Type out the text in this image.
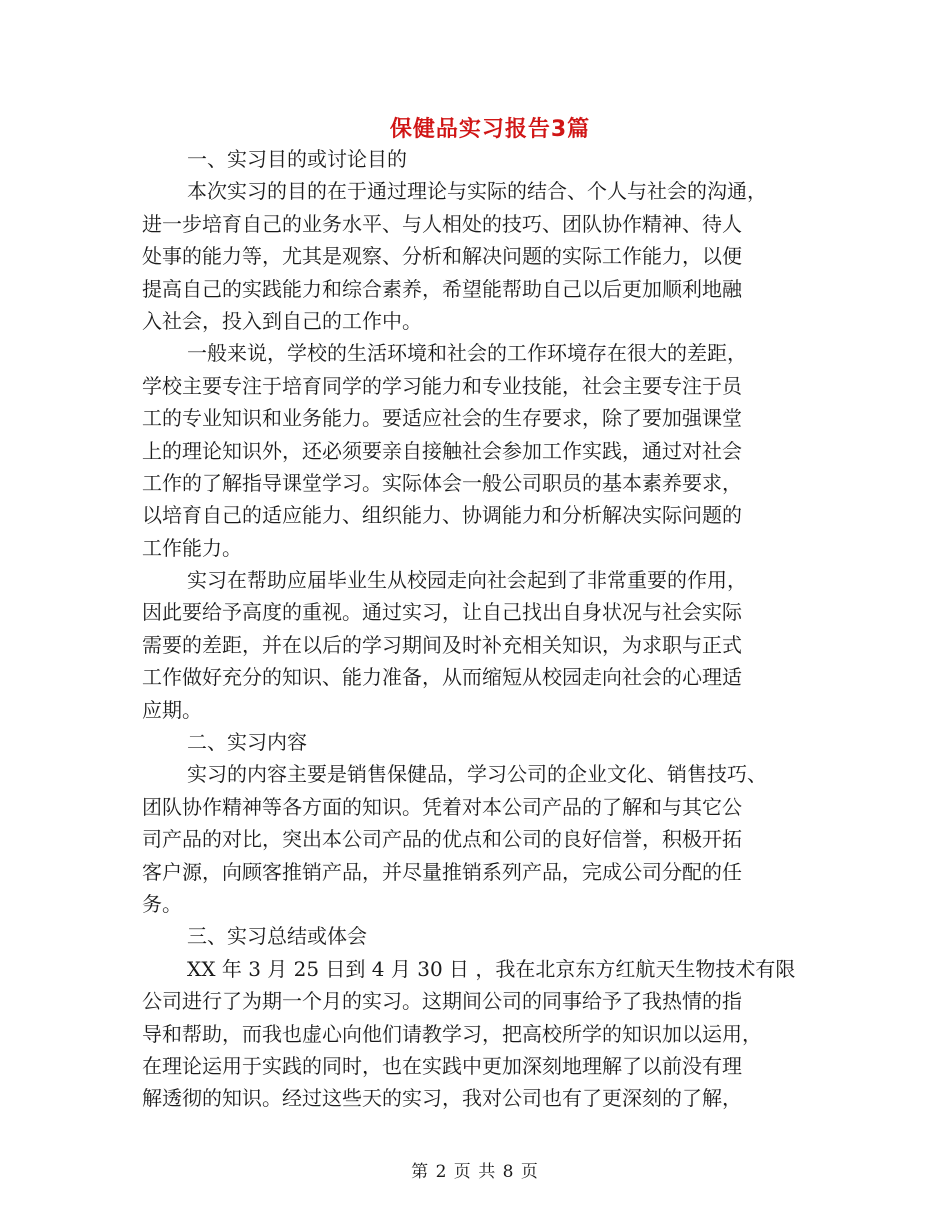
保健品实习报告3篇
一、实习目的或讨论目的
本次实习的目的在于通过理论与实际的结合、个人与社会的沟通，
进一步培育自己的业务水平、与人相处的技巧、团队协作精神、待人
处事的能力等，尤其是观察、分析和解决问题的实际工作能力，以便
提高自己的实践能力和综合素养，希望能帮助自己以后更加顺利地融
入社会，投入到自己的工作中。
一般来说，学校的生活环境和社会的工作环境存在很大的差距，
学校主要专注于培育同学的学习能力和专业技能，社会主要专注于员
工的专业知识和业务能力。要适应社会的生存要求，除了要加强课堂
上的理论知识外，还必须要亲自接触社会参加工作实践，通过对社会
工作的了解指导课堂学习。实际体会一般公司职员的基本素养要求，
以培育自己的适应能力、组织能力、协调能力和分析解决实际问题的
工作能力。
实习在帮助应届毕业生从校园走向社会起到了非常重要的作用，
因此要给予高度的重视。通过实习，让自己找出自身状况与社会实际
需要的差距，并在以后的学习期间及时补充相关知识，为求职与正式
工作做好充分的知识、能力准备，从而缩短从校园走向社会的心理适
应期。
二、实习内容
实习的内容主要是销售保健品，学习公司的企业文化、销售技巧、
团队协作精神等各方面的知识。凭着对本公司产品的了解和与其它公
司产品的对比，突出本公司产品的优点和公司的良好信誉，积极开拓
客户源，向顾客推销产品，并尽量推销系列产品，完成公司分配的任
务。
三、实习总结或体会
XX 年 3 月 25 日到 4 月 30 日 ，我在北京东方红航天生物技术有限
公司进行了为期一个月的实习。这期间公司的同事给予了我热情的指
导和帮助，而我也虚心向他们请教学习，把高校所学的知识加以运用，
在理论运用于实践的同时，也在实践中更加深刻地理解了以前没有理
解透彻的知识。经过这些天的实习，我对公司也有了更深刻的了解，
第 2 页 共 8 页
